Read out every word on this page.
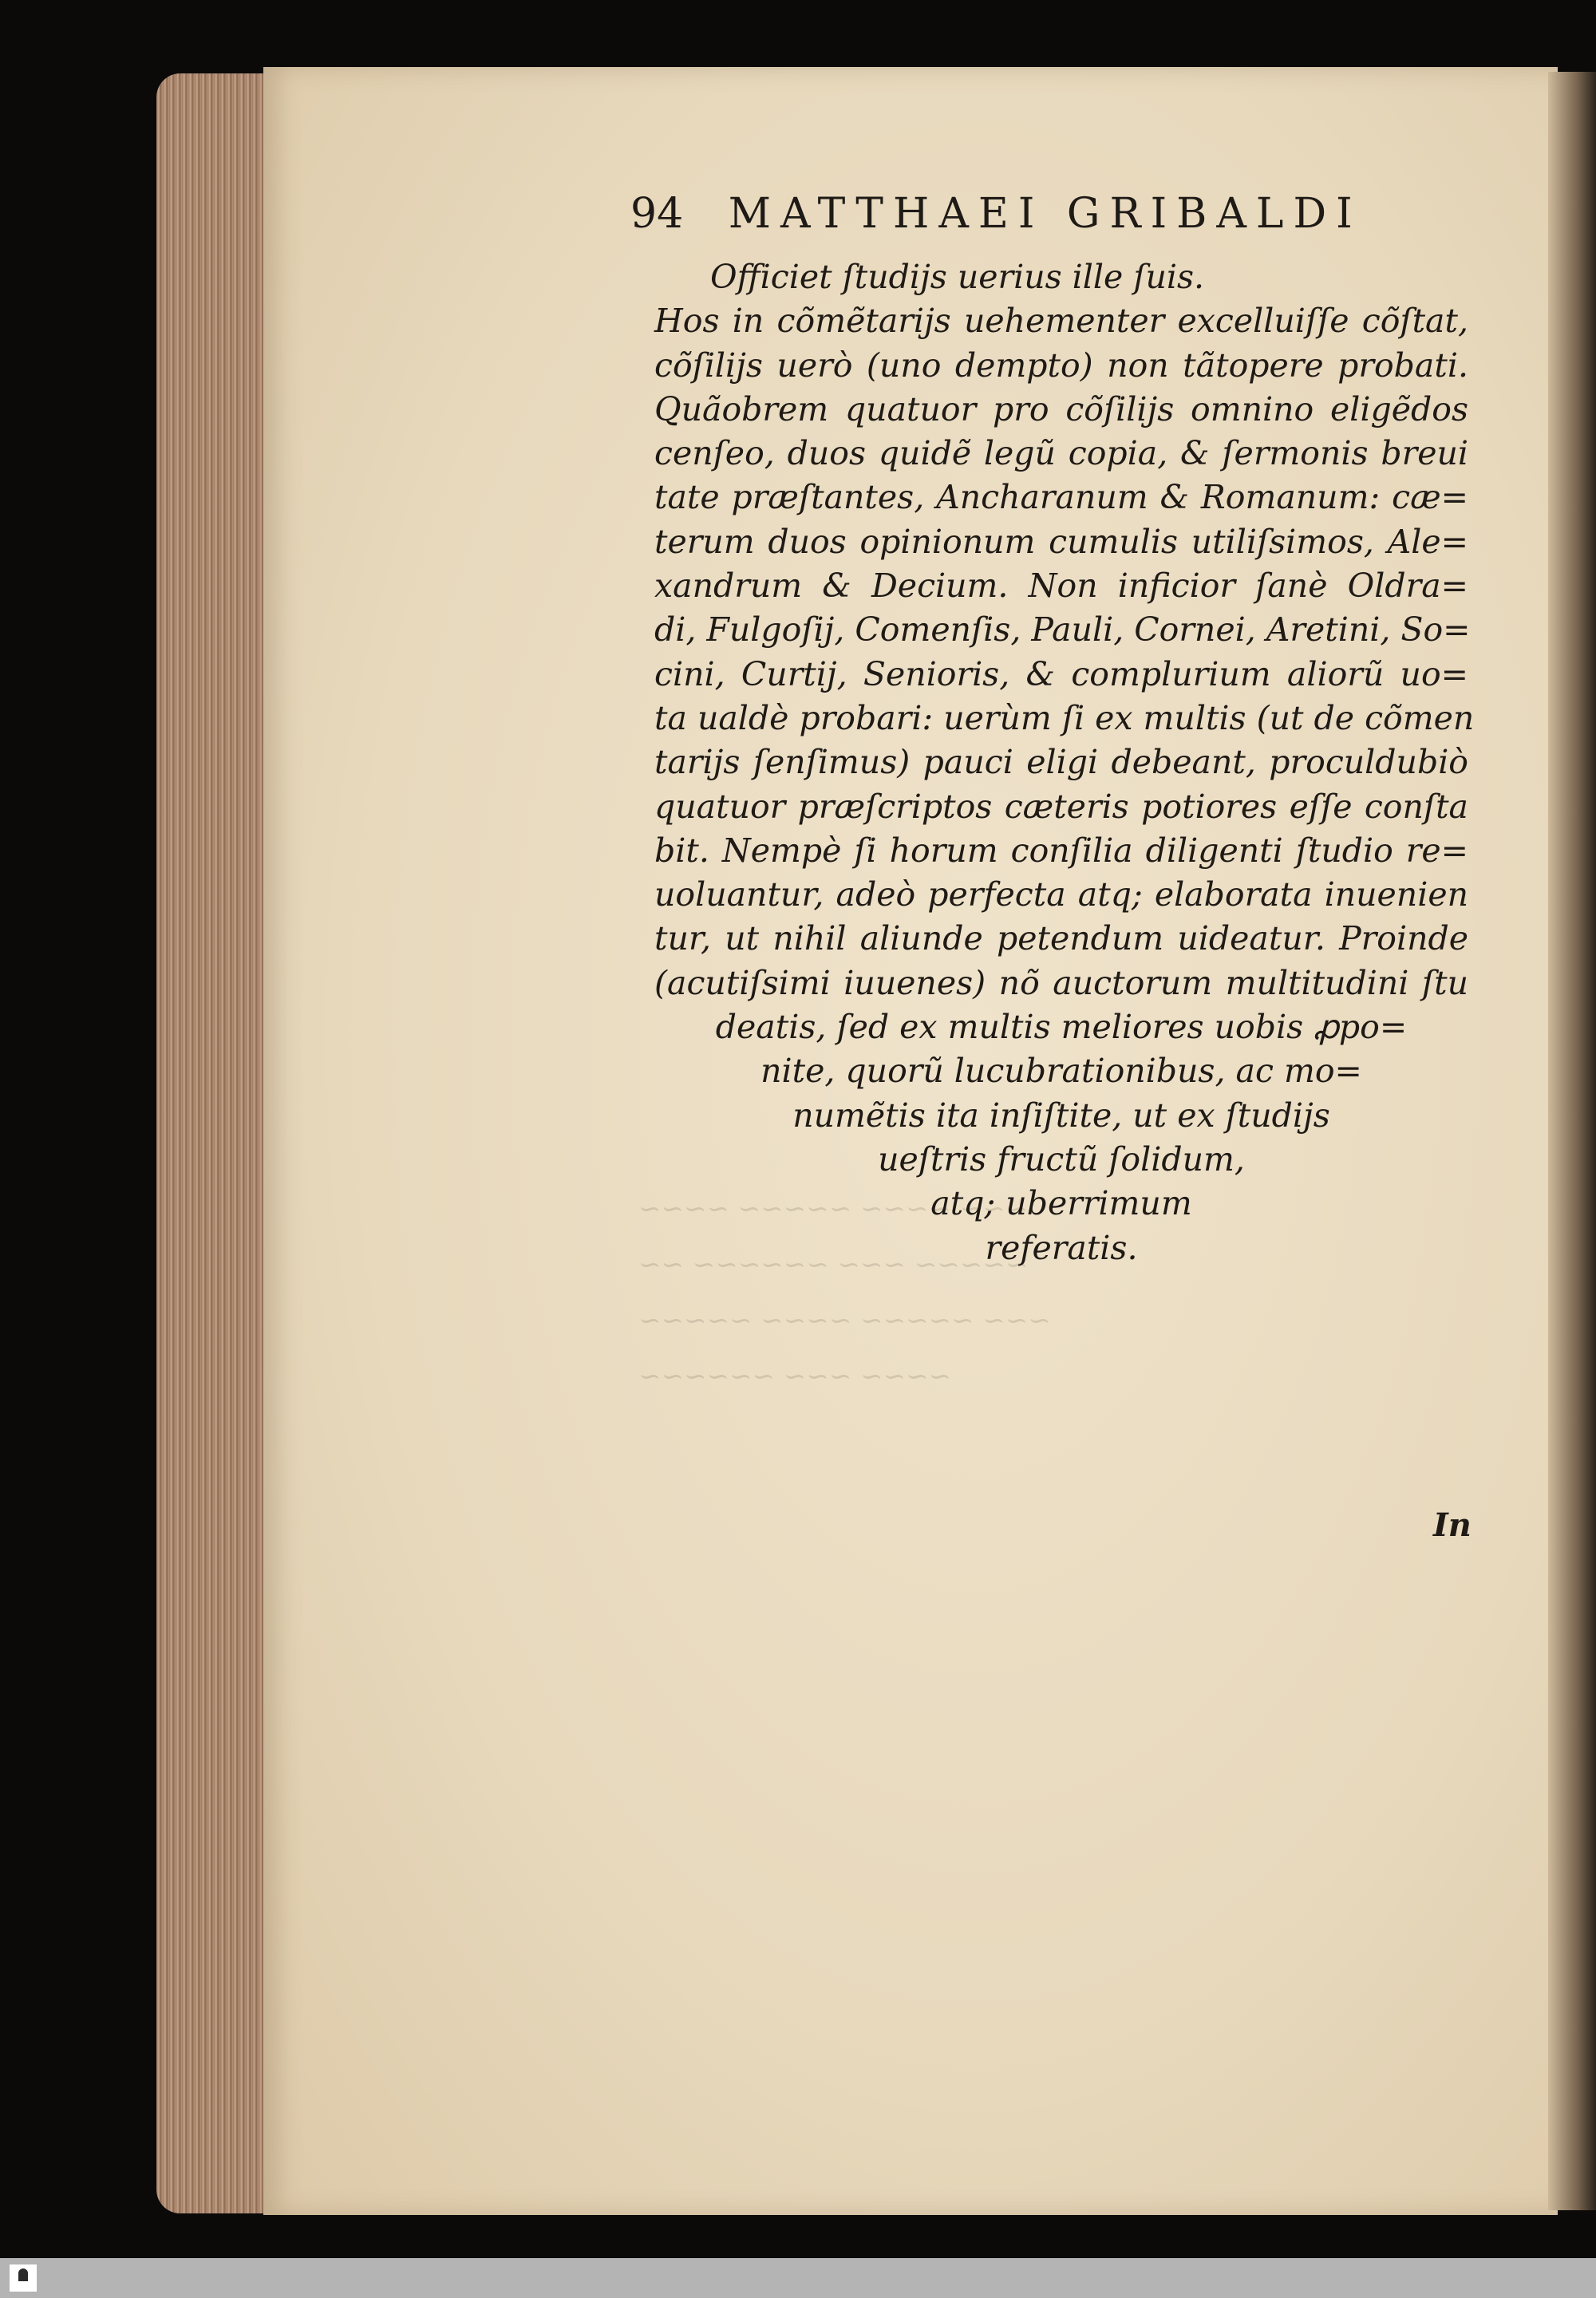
94 MATTHAEI GRIBALDI
Officiet ſtudijs uerius ille ſuis.
Hos in cõmẽtarijs uehementer excelluiſſe cõſtat,
cõſilijs uerò (uno dempto) non tãtopere probati.
Quãobrem quatuor pro cõſilijs omnino eligẽdos
cenſeo, duos quidẽ legũ copia, & ſermonis breui
tate præſtantes, Ancharanum & Romanum: cæ=
terum duos opinionum cumulis utiliſsimos, Ale=
xandrum & Decium. Non inficior ſanè Oldra=
di, Fulgoſij, Comenſis, Pauli, Cornei, Aretini, So=
cini, Curtij, Senioris, & complurium aliorũ uo=
ta ualdè probari: uerùm ſi ex multis (ut de cõmen
tarijs ſenſimus) pauci eligi debeant, proculdubiò
quatuor præſcriptos cæteris potiores eſſe conſta
bit. Nempè ſi horum conſilia diligenti ſtudio re=
uoluantur, adeò perfecta atq; elaborata inuenien
tur, ut nihil aliunde petendum uideatur. Proinde
(acutiſsimi iuuenes) nõ auctorum multitudini ſtu
deatis, ſed ex multis meliores uobis ꝓpo=
nite, quorũ lucubrationibus, ac mo=
numẽtis ita inſiſtite, ut ex ſtudijs
ueſtris fructũ ſolidum,
atq; uberrimum
referatis.
In
